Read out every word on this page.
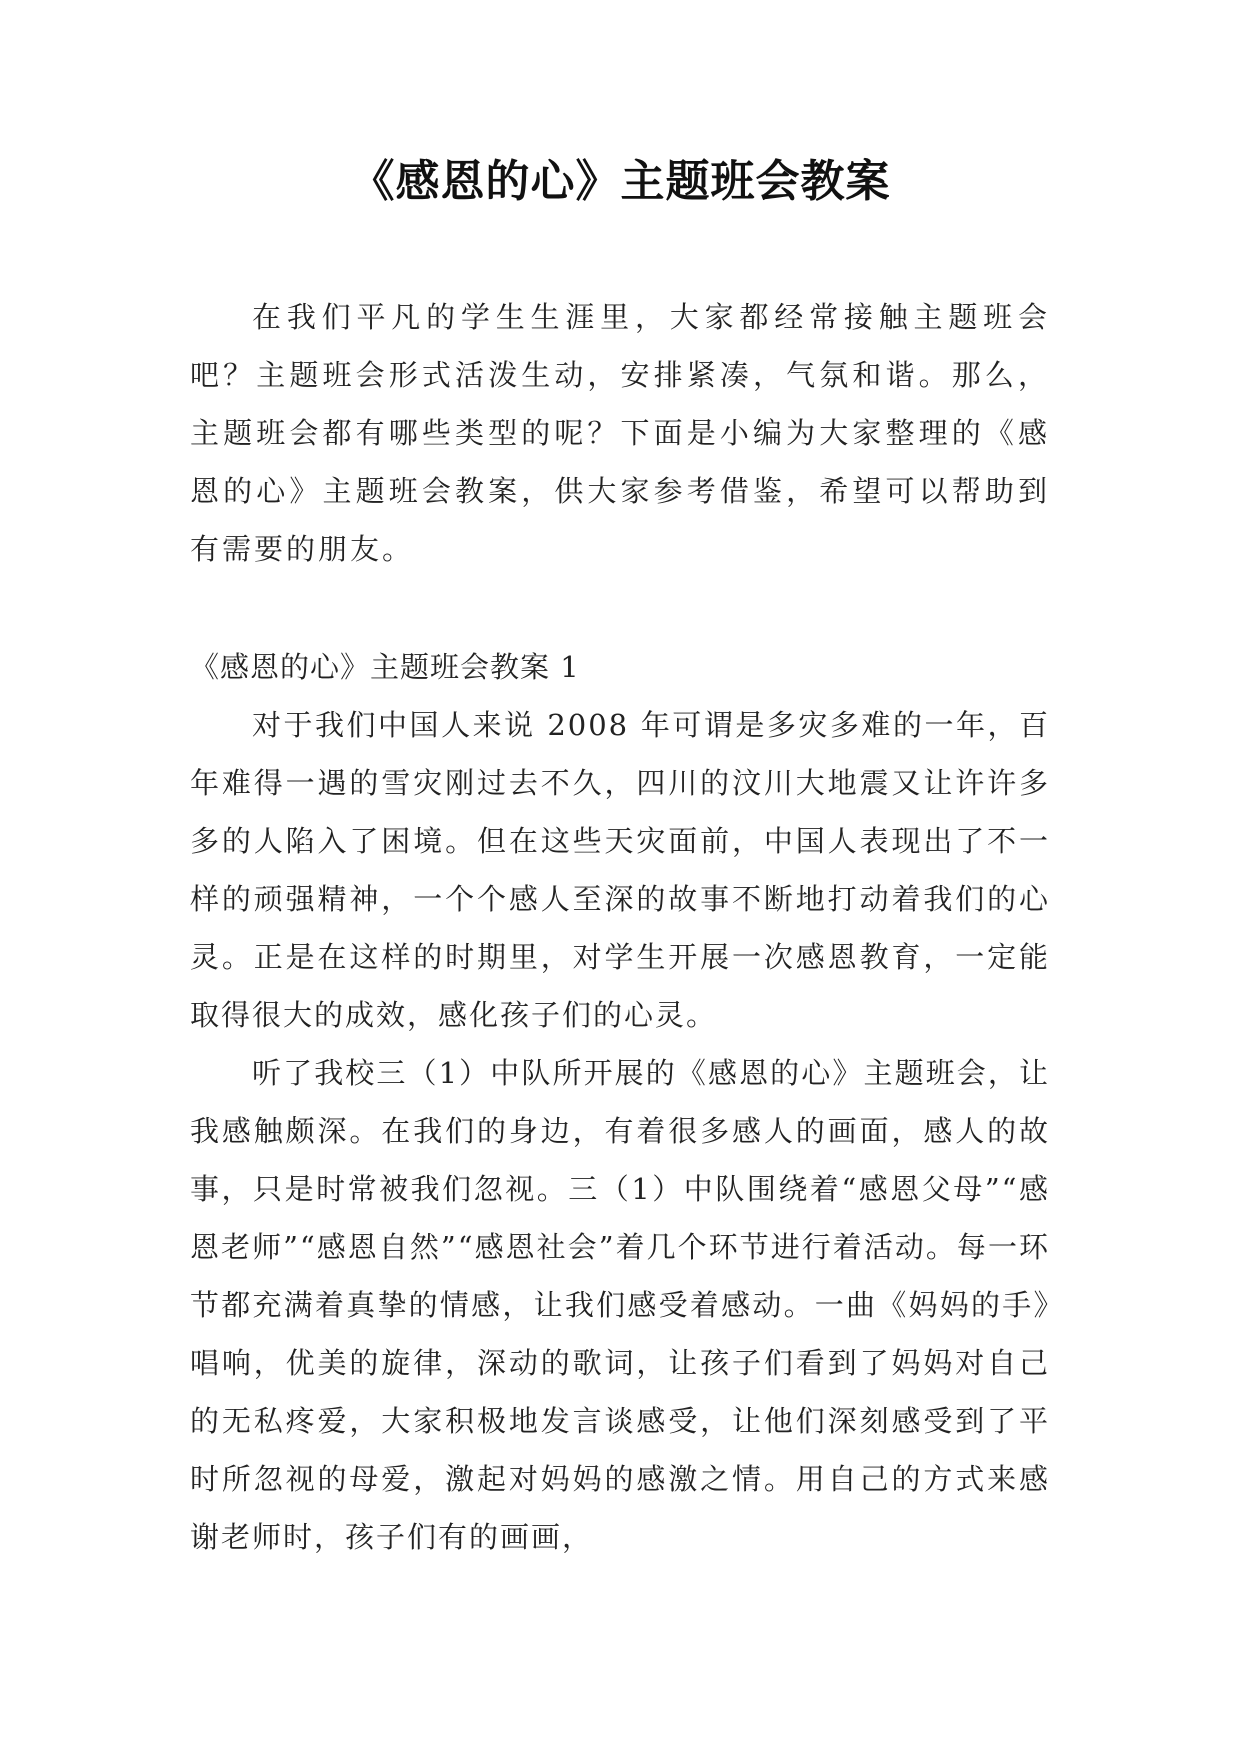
《感恩的心》主题班会教案

在我们平凡的学生生涯里，大家都经常接触主题班会吧？主题班会形式活泼生动，安排紧凑，气氛和谐。那么，主题班会都有哪些类型的呢？下面是小编为大家整理的《感恩的心》主题班会教案，供大家参考借鉴，希望可以帮助到有需要的朋友。

《感恩的心》主题班会教案 1

对于我们中国人来说 2008 年可谓是多灾多难的一年，百年难得一遇的雪灾刚过去不久，四川的汶川大地震又让许许多多的人陷入了困境。但在这些天灾面前，中国人表现出了不一样的顽强精神，一个个感人至深的故事不断地打动着我们的心灵。正是在这样的时期里，对学生开展一次感恩教育，一定能取得很大的成效，感化孩子们的心灵。

听了我校三（1）中队所开展的《感恩的心》主题班会，让我感触颇深。在我们的身边，有着很多感人的画面，感人的故事，只是时常被我们忽视。三（1）中队围绕着“感恩父母”“感恩老师”“感恩自然”“感恩社会”着几个环节进行着活动。每一环节都充满着真挚的情感，让我们感受着感动。一曲《妈妈的手》唱响，优美的旋律，深动的歌词，让孩子们看到了妈妈对自己的无私疼爱，大家积极地发言谈感受，让他们深刻感受到了平时所忽视的母爱，激起对妈妈的感激之情。用自己的方式来感谢老师时，孩子们有的画画，
